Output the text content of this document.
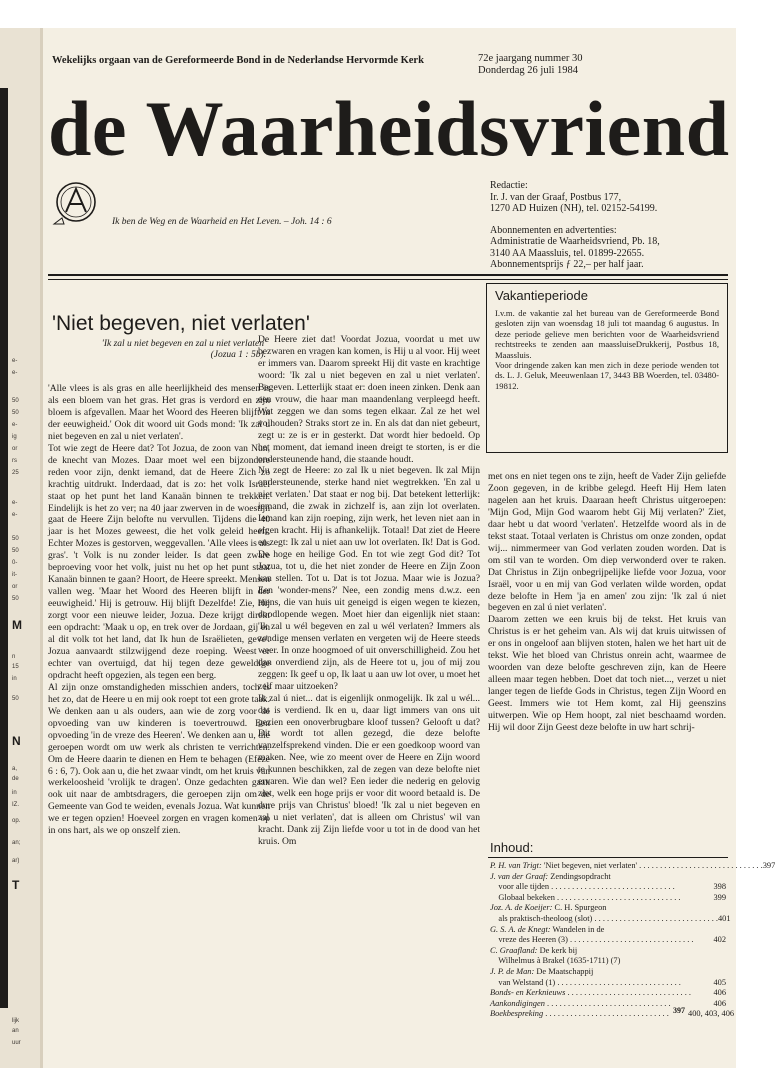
e-
e-
50
50
e-
ig
or
rs
25
e-
e-
50
50
0-
it-
or
50
M
n
15
in
50
N
a,
de
in
IZ.
op.
an;
ar)
T
lijk
an
uur
Wekelijks orgaan van de Gereformeerde Bond in de Nederlandse Hervormde Kerk	72e jaargang nummer 30
Donderdag 26 juli 1984
de Waarheidsvriend
Ik ben de Weg en de Waarheid en Het Leven. – Joh. 14 : 6
Redactie:
Ir. J. van der Graaf, Postbus 177,
1270 AD Huizen (NH), tel. 02152-54199.
Abonnementen en advertenties:
Administratie de Waarheidsvriend, Pb. 18,
3140 AA Maassluis, tel. 01899-22655.
Abonnementsprijs ƒ 22,– per half jaar.
'Niet begeven, niet verlaten'
'Ik zal u niet begeven en zal u niet verlaten'
(Jozua 1 : 5b).

'Alle vlees is als gras en alle heerlijkheid des mensen is als een bloem van het gras. Het gras is verdord en zijn bloem is afgevallen. Maar het Woord des Heeren blijft in der eeuwigheid.' Ook dit woord uit Gods mond: 'Ik zal u niet begeven en zal u niet verlaten'.

Tot wie zegt de Heere dat? Tot Jozua, de zoon van Nun, de knecht van Mozes. Daar moet wel een bijzondere reden voor zijn, denkt iemand, dat de Heere Zich zo krachtig uitdrukt. Inderdaad, dat is zo: het volk Israël staat op het punt het land Kanaän binnen te trekken. Eindelijk is het zo ver; na 40 jaar zwerven in de woestijn gaat de Heere Zijn belofte nu vervullen. Tijdens die 40 jaar is het Mozes geweest, die het volk geleid heeft. Echter Mozes is gestorven, weggevallen. 'Alle vlees is als gras'. 't Volk is nu zonder leider. Is dat geen zware beproeving voor het volk, juist nu het op het punt staat Kanaän binnen te gaan? Hoort, de Heere spreekt. Mensen vallen weg. 'Maar het Woord des Heeren blijft in der eeuwigheid.' Hij is getrouw. Hij blijft Dezelfde! Zie, Hij zorgt voor een nieuwe leider, Jozua. Deze krijgt direkt een opdracht: 'Maak u op, en trek over de Jordaan, gij en al dit volk tot het land, dat Ik hun de Israëlieten, geve'. Jozua aanvaardt stilzwijgend deze roeping. Weest er echter van overtuigd, dat hij tegen deze geweldige opdracht heeft opgezien, als tegen een berg.

Al zijn onze omstandigheden misschien anders, toch is het zo, dat de Heere u en mij ook roept tot een grote taak. We denken aan u als ouders, aan wie de zorg voor de opvoeding van uw kinderen is toevertrouwd. Een opvoeding 'in de vreze des Heeren'. We denken aan u, die geroepen wordt om uw werk als christen te verrichten. Om de Heere daarin te dienen en Hem te behagen (Efeze 6 : 6, 7). Ook aan u, die het zwaar vindt, om het kruis van werkeloosheid 'vrolijk te dragen'. Onze gedachten gaan ook uit naar de ambtsdragers, die geroepen zijn om de Gemeente van God te weiden, evenals Jozua. Wat kunnen we er tegen opzien! Hoeveel zorgen en vragen komen op in ons hart, als we op onszelf zien.

De Heere ziet dat! Voordat Jozua, voordat u met uw bezwaren en vragen kan komen, is Hij u al voor. Hij weet er immers van. Daarom spreekt Hij dit vaste en krachtige woord: 'Ik zal u niet begeven en zal u niet verlaten'. Begeven. Letterlijk staat er: doen ineen zinken. Denk aan een vrouw, die haar man maandenlang verpleegd heeft. Wat zeggen we dan soms tegen elkaar. Zal ze het wel volhouden? Straks stort ze in. En als dat dan niet gebeurt, zegt u: ze is er in gesterkt. Dat wordt hier bedoeld. Op het moment, dat iemand ineen dreigt te storten, is er die ondersteunende hand, die staande houdt.

Nu zegt de Heere: zo zal Ik u niet begeven. Ik zal Mijn ondersteunende, sterke hand niet wegtrekken. 'En zal u niet verlaten.' Dat staat er nog bij. Dat betekent letterlijk: iemand, die zwak in zichzelf is, aan zijn lot overlaten. Iemand kan zijn roeping, zijn werk, het leven niet aan in eigen kracht. Hij is afhankelijk. Totaal! Dat ziet de Heere en zegt: Ik zal u niet aan uw lot overlaten. Ik! Dat is God. De hoge en heilige God. En tot wie zegt God dit? Tot Jozua, tot u, die het niet zonder de Heere en Zijn Zoon kan stellen. Tot u. Dat is tot Jozua. Maar wie is Jozua? Een 'wonder-mens?' Nee, een zondig mens d.w.z. een mens, die van huis uit geneigd is eigen wegen te kiezen, doodlopende wegen. Moet hier dan eigenlijk niet staan: 'Ik zal u wél begeven en zal u wél verlaten? Immers als zondige mensen verlaten en vergeten wij de Heere steeds weer. In onze hoogmoed of uit onverschilligheid. Zou het dan onverdiend zijn, als de Heere tot u, jou of mij zou zeggen: Ik geef u op, Ik laat u aan uw lot over, u moet het zelf maar uitzoeken?

Ik zal ú niet... dat is eigenlijk onmogelijk. Ik zal u wél... dat is verdiend. Ik en u, daar ligt immers van ons uit gezien een onoverbrugbare kloof tussen? Gelooft u dat? Dit wordt tot allen gezegd, die deze belofte vanzelfsprekend vinden. Die er een goedkoop woord van maken. Nee, wie zo meent over de Heere en Zijn woord te kunnen beschikken, zal de zegen van deze belofte niet ervaren. Wie dan wel? Een ieder die nederig en gelovig ziet, welk een hoge prijs er voor dit woord betaald is. De dure prijs van Christus' bloed! 'Ik zal u niet begeven en zal u niet verlaten', dat is alleen om Christus' wil van kracht. Dank zij Zijn liefde voor u tot in de dood van het kruis. Om

Vakantieperiode

I.v.m. de vakantie zal het bureau van de Gereformeerde Bond gesloten zijn van woensdag 18 juli tot maandag 6 augustus. In deze periode gelieve men berichten voor de Waarheidsvriend rechtstreeks te zenden aan maassluiseDrukkerij, Postbus 18, Maassluis.

Voor dringende zaken kan men zich in deze periode wenden tot ds. L. J. Geluk, Meeuwenlaan 17, 3443 BB Woerden, tel. 03480-19812.

met ons en niet tegen ons te zijn, heeft de Vader Zijn geliefde Zoon gegeven, in de kribbe gelegd. Heeft Hij Hem laten nagelen aan het kruis. Daaraan heeft Christus uitgeroepen: 'Mijn God, Mijn God waarom hebt Gij Mij verlaten?' Ziet, daar hebt u dat woord 'verlaten'. Hetzelfde woord als in de tekst staat. Totaal verlaten is Christus om onze zonden, opdat wij... nimmermeer van God verlaten zouden worden. Dat is om stil van te worden. Om diep verwonderd over te raken. Dat Christus in Zijn onbegrijpelijke liefde voor Jozua, voor Israël, voor u en mij van God verlaten wilde worden, opdat deze belofte in Hem 'ja en amen' zou zijn: 'Ik zal ú niet begeven en zal ú niet verlaten'.

Daarom zetten we een kruis bij de tekst. Het kruis van Christus is er het geheim van. Als wij dat kruis uitwissen of er ons in ongeloof aan blijven stoten, halen we het hart uit de tekst. Wie het bloed van Christus onrein acht, waarmee de woorden van deze belofte geschreven zijn, kan de Heere alleen maar tegen hebben. Doet dat toch niet..., verzet u niet langer tegen de liefde Gods in Christus, tegen Zijn Woord en Geest. Immers wie tot Hem komt, zal Hij geenszins uitwerpen. Wie op Hem hoopt, zal niet beschaamd worden. Hij wil door Zijn Geest deze belofte in uw hart schrij-

Inhoud:
P. H. van Trigt: 'Niet begeven, niet verlaten' . . . . . . . . . . . . . . . . . . . . . . . . . . . . . . 397
J. van der Graaf: Zendingsopdracht
voor alle tijden . . . . . . . . . . . . . . . . . . . . . . . . . . . . . .	398
Globaal bekeken . . . . . . . . . . . . . . . . . . . . . . . . . . . . . .	399
Joz. A. de Koeijer: C. H. Spurgeon
als praktisch-theoloog (slot) . . . . . . . . . . . . . . . . . . . . . . . . . . . . . . 401
G. S. A. de Knegt: Wandelen in de
vreze des Heeren (3) . . . . . . . . . . . . . . . . . . . . . . . . . . . . . .	402
C. Graafland: De kerk bij
Wilhelmus à Brakel (1635-1711) (7)
J. P. de Man: De Maatschappij
van Welstand (1) . . . . . . . . . . . . . . . . . . . . . . . . . . . . . .	405
Bonds- en Kerknieuws . . . . . . . . . . . . . . . . . . . . . . . . . . . . . .	406
Aankondigingen . . . . . . . . . . . . . . . . . . . . . . . . . . . . . .	406
Boekbespreking . . . . . . . . . . . . . . . . . . . . . . . . . . . . . .	400, 403, 406
397
